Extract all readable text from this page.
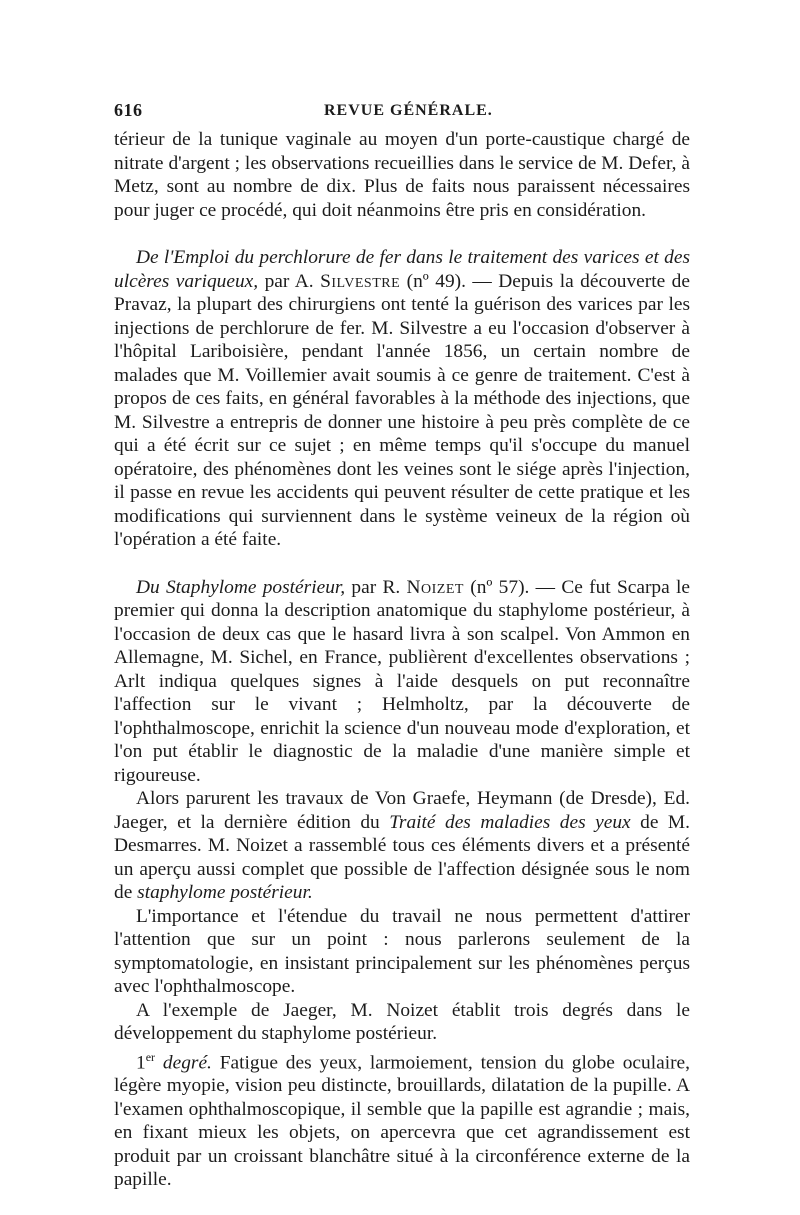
616	REVUE GÉNÉRALE.

térieur de la tunique vaginale au moyen d'un porte-caustique chargé de nitrate d'argent ; les observations recueillies dans le service de M. Defer, à Metz, sont au nombre de dix. Plus de faits nous paraissent nécessaires pour juger ce procédé, qui doit néanmoins être pris en considération.

De l'Emploi du perchlorure de fer dans le traitement des varices et des ulcères variqueux, par A. Silvestre (nº 49). — Depuis la découverte de Pravaz, la plupart des chirurgiens ont tenté la guérison des varices par les injections de perchlorure de fer. M. Silvestre a eu l'occasion d'observer à l'hôpital Lariboisière, pendant l'année 1856, un certain nombre de malades que M. Voillemier avait soumis à ce genre de traitement. C'est à propos de ces faits, en général favorables à la méthode des injections, que M. Silvestre a entrepris de donner une histoire à peu près complète de ce qui a été écrit sur ce sujet ; en même temps qu'il s'occupe du manuel opératoire, des phénomènes dont les veines sont le siége après l'injection, il passe en revue les accidents qui peuvent résulter de cette pratique et les modifications qui surviennent dans le système veineux de la région où l'opération a été faite.

Du Staphylome postérieur, par R. Noizet (nº 57). — Ce fut Scarpa le premier qui donna la description anatomique du staphylome postérieur, à l'occasion de deux cas que le hasard livra à son scalpel. Von Ammon en Allemagne, M. Sichel, en France, publièrent d'excellentes observations ; Arlt indiqua quelques signes à l'aide desquels on put reconnaître l'affection sur le vivant ; Helmholtz, par la découverte de l'ophthalmoscope, enrichit la science d'un nouveau mode d'exploration, et l'on put établir le diagnostic de la maladie d'une manière simple et rigoureuse.

Alors parurent les travaux de Von Graefe, Heymann (de Dresde), Ed. Jaeger, et la dernière édition du Traité des maladies des yeux de M. Desmarres. M. Noizet a rassemblé tous ces éléments divers et a présenté un aperçu aussi complet que possible de l'affection désignée sous le nom de staphylome postérieur.

L'importance et l'étendue du travail ne nous permettent d'attirer l'attention que sur un point : nous parlerons seulement de la symptomatologie, en insistant principalement sur les phénomènes perçus avec l'ophthalmoscope.

A l'exemple de Jaeger, M. Noizet établit trois degrés dans le développement du staphylome postérieur.

1er degré. Fatigue des yeux, larmoiement, tension du globe oculaire, légère myopie, vision peu distincte, brouillards, dilatation de la pupille. A l'examen ophthalmoscopique, il semble que la papille est agrandie ; mais, en fixant mieux les objets, on apercevra que cet agrandissement est produit par un croissant blanchâtre situé à la circonférence externe de la papille.
